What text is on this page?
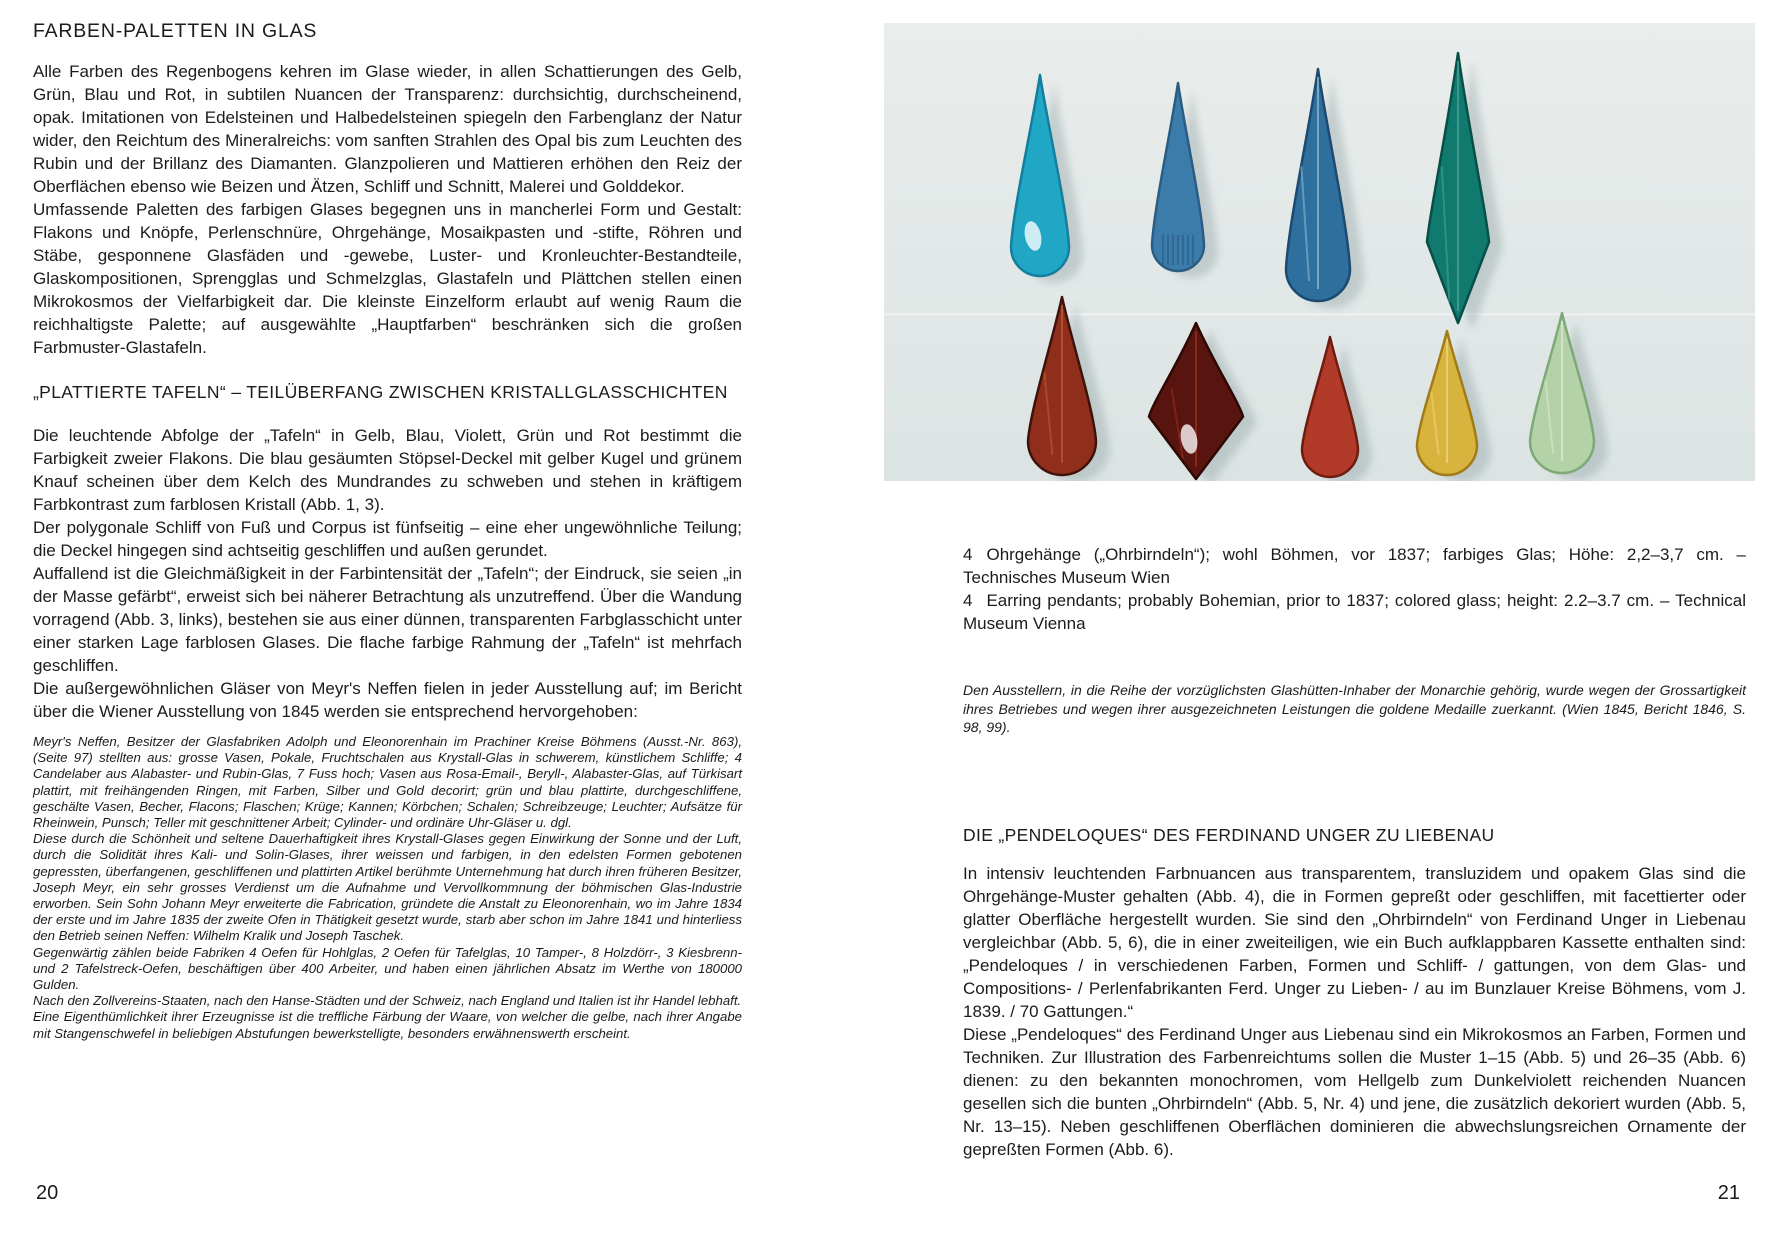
FARBEN-PALETTEN IN GLAS

Alle Farben des Regenbogens kehren im Glase wieder, in allen Schattierungen des Gelb, Grün, Blau und Rot, in subtilen Nuancen der Transparenz: durchsichtig, durchscheinend, opak. Imitationen von Edelsteinen und Halbedelsteinen spiegeln den Farbenglanz der Natur wider, den Reichtum des Mineralreichs: vom sanften Strahlen des Opal bis zum Leuchten des Rubin und der Brillanz des Diamanten. Glanzpolieren und Mattieren erhöhen den Reiz der Oberflächen ebenso wie Beizen und Ätzen, Schliff und Schnitt, Malerei und Golddekor.

Umfassende Paletten des farbigen Glases begegnen uns in mancherlei Form und Gestalt: Flakons und Knöpfe, Perlenschnüre, Ohrgehänge, Mosaikpasten und -stifte, Röhren und Stäbe, gesponnene Glasfäden und -gewebe, Luster- und Kronleuchter-Bestandteile, Glaskompositionen, Sprengglas und Schmelzglas, Glastafeln und Plättchen stellen einen Mikrokosmos der Vielfarbigkeit dar. Die kleinste Einzelform erlaubt auf wenig Raum die reichhaltigste Palette; auf ausgewählte „Hauptfarben“ beschränken sich die großen Farbmuster-Glastafeln.

„PLATTIERTE TAFELN“ – TEILÜBERFANG ZWISCHEN KRISTALLGLASSCHICHTEN

Die leuchtende Abfolge der „Tafeln“ in Gelb, Blau, Violett, Grün und Rot bestimmt die Farbigkeit zweier Flakons. Die blau gesäumten Stöpsel-Deckel mit gelber Kugel und grünem Knauf scheinen über dem Kelch des Mundrandes zu schweben und stehen in kräftigem Farbkontrast zum farblosen Kristall (Abb. 1, 3).

Der polygonale Schliff von Fuß und Corpus ist fünfseitig – eine eher ungewöhnliche Teilung; die Deckel hingegen sind achtseitig geschliffen und außen gerundet.

Auffallend ist die Gleichmäßigkeit in der Farbintensität der „Tafeln“; der Eindruck, sie seien „in der Masse gefärbt“, erweist sich bei näherer Betrachtung als unzutreffend. Über die Wandung vorragend (Abb. 3, links), bestehen sie aus einer dünnen, transparenten Farbglasschicht unter einer starken Lage farblosen Glases. Die flache farbige Rahmung der „Tafeln“ ist mehrfach geschliffen.

Die außergewöhnlichen Gläser von Meyr's Neffen fielen in jeder Ausstellung auf; im Bericht über die Wiener Ausstellung von 1845 werden sie entsprechend hervorgehoben:

Meyr's Neffen, Besitzer der Glasfabriken Adolph und Eleonorenhain im Prachiner Kreise Böhmens (Ausst.-Nr. 863), (Seite 97) stellten aus: grosse Vasen, Pokale, Fruchtschalen aus Krystall-Glas in schwerem, künstlichem Schliffe; 4 Candelaber aus Alabaster- und Rubin-Glas, 7 Fuss hoch; Vasen aus Rosa-Email-, Beryll-, Alabaster-Glas, auf Türkisart plattirt, mit freihängenden Ringen, mit Farben, Silber und Gold decorirt; grün und blau plattirte, durchgeschliffene, geschälte Vasen, Becher, Flacons; Flaschen; Krüge; Kannen; Körbchen; Schalen; Schreibzeuge; Leuchter; Aufsätze für Rheinwein, Punsch; Teller mit geschnittener Arbeit; Cylinder- und ordinäre Uhr-Gläser u. dgl.

Diese durch die Schönheit und seltene Dauerhaftigkeit ihres Krystall-Glases gegen Einwirkung der Sonne und der Luft, durch die Solidität ihres Kali- und Solin-Glases, ihrer weissen und farbigen, in den edelsten Formen gebotenen gepressten, überfangenen, geschliffenen und plattirten Artikel berühmte Unternehmung hat durch ihren früheren Besitzer, Joseph Meyr, ein sehr grosses Verdienst um die Aufnahme und Vervollkommnung der böhmischen Glas-Industrie erworben. Sein Sohn Johann Meyr erweiterte die Fabrication, gründete die Anstalt zu Eleonorenhain, wo im Jahre 1834 der erste und im Jahre 1835 der zweite Ofen in Thätigkeit gesetzt wurde, starb aber schon im Jahre 1841 und hinterliess den Betrieb seinen Neffen: Wilhelm Kralik und Joseph Taschek.

Gegenwärtig zählen beide Fabriken 4 Oefen für Hohlglas, 2 Oefen für Tafelglas, 10 Tamper-, 8 Holzdörr-, 3 Kiesbrenn- und 2 Tafelstreck-Oefen, beschäftigen über 400 Arbeiter, und haben einen jährlichen Absatz im Werthe von 180000 Gulden.

Nach den Zollvereins-Staaten, nach den Hanse-Städten und der Schweiz, nach England und Italien ist ihr Handel lebhaft.

Eine Eigenthümlichkeit ihrer Erzeugnisse ist die treffliche Färbung der Waare, von welcher die gelbe, nach ihrer Angabe mit Stangenschwefel in beliebigen Abstufungen bewerkstelligte, besonders erwähnenswerth erscheint.

20

4 Ohrgehänge („Ohrbirndeln“); wohl Böhmen, vor 1837; farbiges Glas; Höhe: 2,2–3,7 cm. – Technisches Museum Wien

4 Earring pendants; probably Bohemian, prior to 1837; colored glass; height: 2.2–3.7 cm. – Technical Museum Vienna

Den Ausstellern, in die Reihe der vorzüglichsten Glashütten-Inhaber der Monarchie gehörig, wurde wegen der Grossartigkeit ihres Betriebes und wegen ihrer ausgezeichneten Leistungen die goldene Medaille zuerkannt. (Wien 1845, Bericht 1846, S. 98, 99).

DIE „PENDELOQUES“ DES FERDINAND UNGER ZU LIEBENAU

In intensiv leuchtenden Farbnuancen aus transparentem, transluzidem und opakem Glas sind die Ohrgehänge-Muster gehalten (Abb. 4), die in Formen gepreßt oder geschliffen, mit facettierter oder glatter Oberfläche hergestellt wurden. Sie sind den „Ohrbirndeln“ von Ferdinand Unger in Liebenau vergleichbar (Abb. 5, 6), die in einer zweiteiligen, wie ein Buch aufklappbaren Kassette enthalten sind: „Pendeloques / in verschiedenen Farben, Formen und Schliff- / gattungen, von dem Glas- und Compositions- / Perlenfabrikanten Ferd. Unger zu Lieben- / au im Bunzlauer Kreise Böhmens, vom J. 1839. / 70 Gattungen.“

Diese „Pendeloques“ des Ferdinand Unger aus Liebenau sind ein Mikrokosmos an Farben, Formen und Techniken. Zur Illustration des Farbenreichtums sollen die Muster 1–15 (Abb. 5) und 26–35 (Abb. 6) dienen: zu den bekannten monochromen, vom Hellgelb zum Dunkelviolett reichenden Nuancen gesellen sich die bunten „Ohrbirndeln“ (Abb. 5, Nr. 4) und jene, die zusätzlich dekoriert wurden (Abb. 5, Nr. 13–15). Neben geschliffenen Oberflächen dominieren die abwechslungsreichen Ornamente der gepreßten Formen (Abb. 6).

21
